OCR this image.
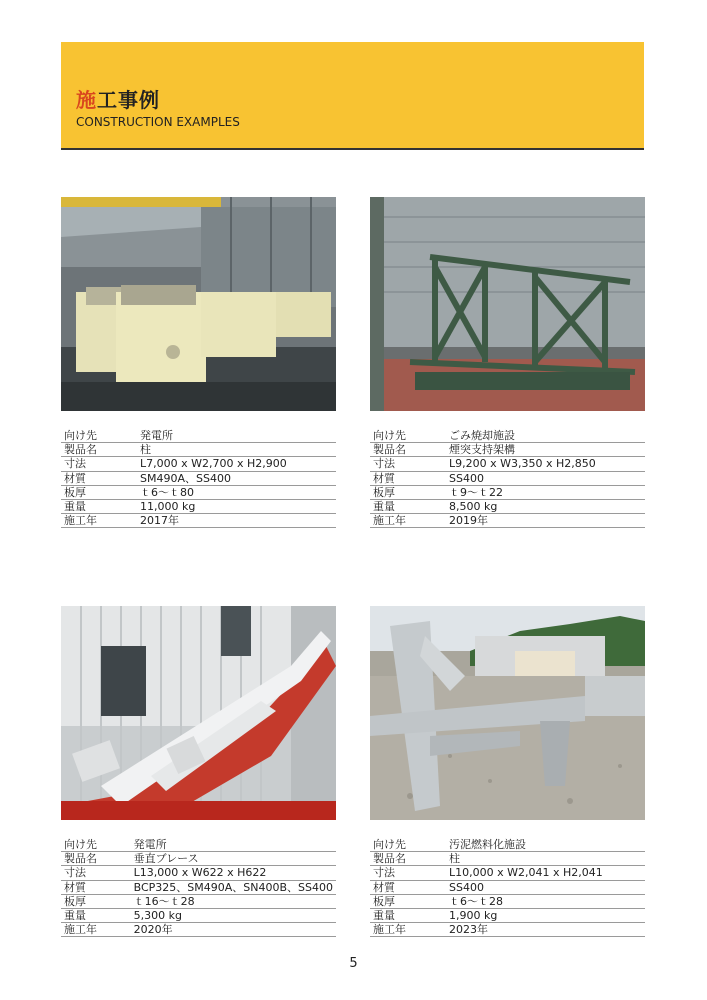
施工事例
CONSTRUCTION EXAMPLES
向け先	発電所
製品名	柱
寸法	L7,000 x W2,700 x H2,900
材質	SM490A、SS400
板厚	ｔ6～ｔ80
重量	11,000 kg
施工年	2017年
向け先	ごみ焼却施設
製品名	煙突支持架構
寸法	L9,200 x W3,350 x H2,850
材質	SS400
板厚	ｔ9～ｔ22
重量	8,500 kg
施工年	2019年
向け先	発電所
製品名	垂直ブレース
寸法	L13,000 x W622 x H622
材質	BCP325、SM490A、SN400B、SS400
板厚	ｔ16～ｔ28
重量	5,300 kg
施工年	2020年
向け先	汚泥燃料化施設
製品名	柱
寸法	L10,000 x W2,041 x H2,041
材質	SS400
板厚	ｔ6～ｔ28
重量	1,900 kg
施工年	2023年
5
